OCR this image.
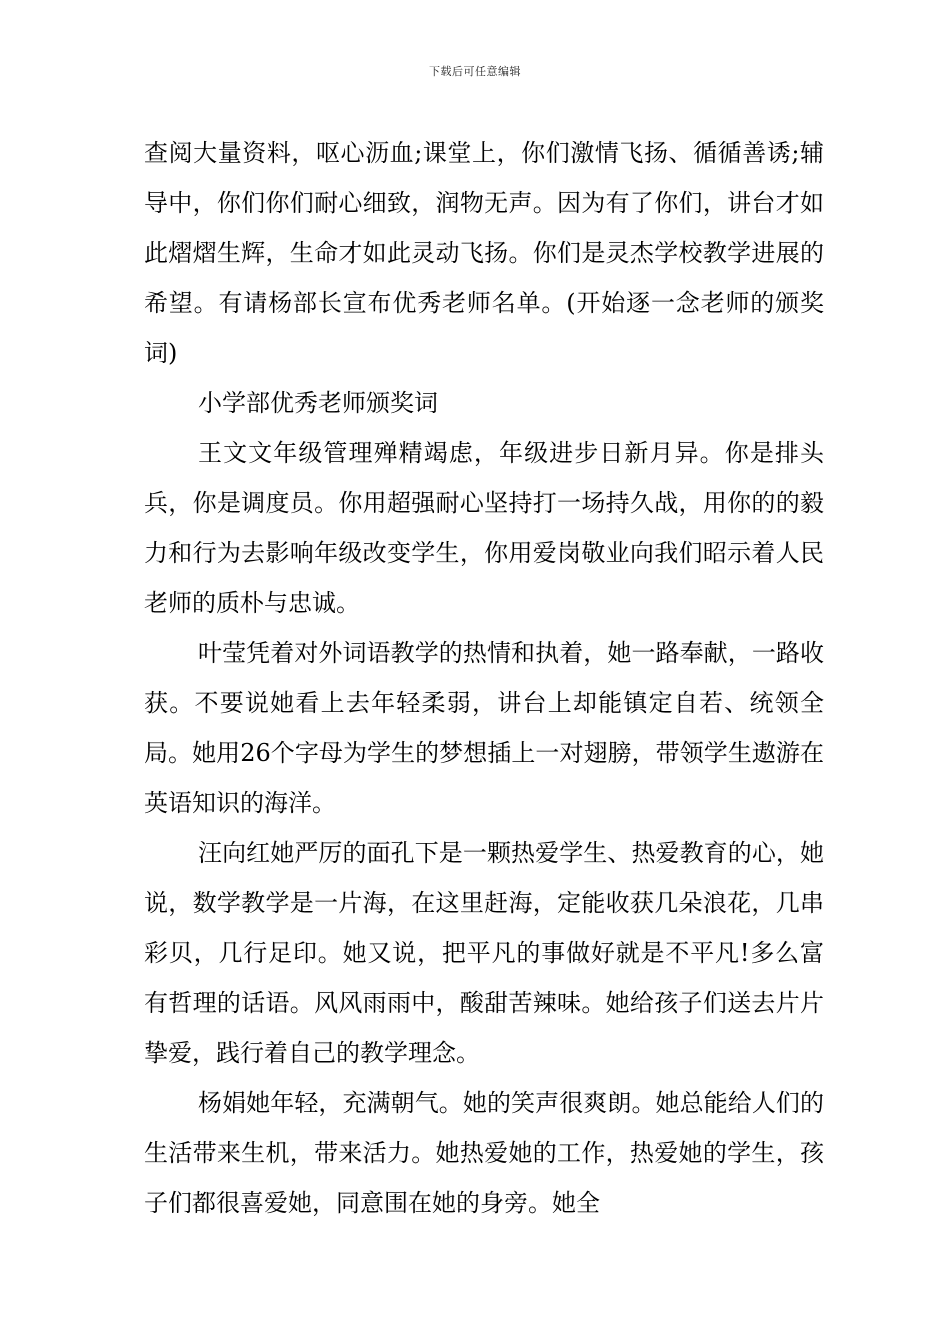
下载后可任意编辑

查阅大量资料，呕心沥血;课堂上，你们激情飞扬、循循善诱;辅导中，你们你们耐心细致，润物无声。因为有了你们，讲台才如此熠熠生辉，生命才如此灵动飞扬。你们是灵杰学校教学进展的希望。有请杨部长宣布优秀老师名单。(开始逐一念老师的颁奖词)

小学部优秀老师颁奖词

王文文年级管理殚精竭虑，年级进步日新月异。你是排头兵，你是调度员。你用超强耐心坚持打一场持久战，用你的的毅力和行为去影响年级改变学生，你用爱岗敬业向我们昭示着人民老师的质朴与忠诚。

叶莹凭着对外词语教学的热情和执着，她一路奉献，一路收获。不要说她看上去年轻柔弱，讲台上却能镇定自若、统领全局。她用26个字母为学生的梦想插上一对翅膀，带领学生遨游在英语知识的海洋。

汪向红她严厉的面孔下是一颗热爱学生、热爱教育的心，她说，数学教学是一片海，在这里赶海，定能收获几朵浪花，几串彩贝，几行足印。她又说，把平凡的事做好就是不平凡!多么富有哲理的话语。风风雨雨中，酸甜苦辣味。她给孩子们送去片片挚爱，践行着自己的教学理念。

杨娟她年轻，充满朝气。她的笑声很爽朗。她总能给人们的生活带来生机，带来活力。她热爱她的工作，热爱她的学生，孩子们都很喜爱她，同意围在她的身旁。她全
